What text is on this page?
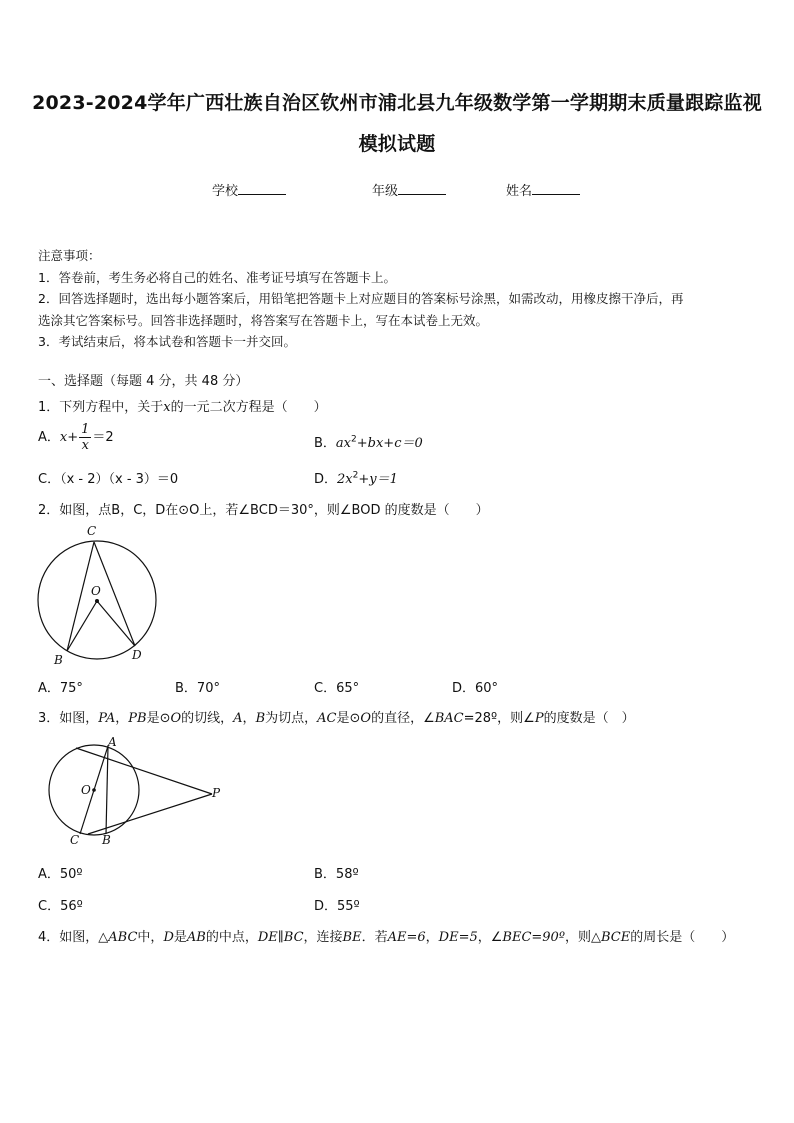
2023-2024学年广西壮族自治区钦州市浦北县九年级数学第一学期期末质量跟踪监视
模拟试题
学校	年级	姓名

注意事项：

1．答卷前，考生务必将自己的姓名、准考证号填写在答题卡上。

2．回答选择题时，选出每小题答案后，用铅笔把答题卡上对应题目的答案标号涂黑，如需改动，用橡皮擦干净后，再

选涂其它答案标号。回答非选择题时，将答案写在答题卡上，写在本试卷上无效。

3．考试结束后，将本试卷和答题卡一并交回。

一、选择题（每题 4 分，共 48 分）
1．下列方程中，关于x的一元二次方程是（　　）
A．$x+ \frac{1}{x} =2$	B．$ax^2+bx+c=0$
C．（x - 2）（x - 3）＝0	D．$2x^2+y=1$
2．如图，点B，C，D在⊙O上，若∠BCD＝30°，则∠BOD 的度数是（　　）
C
O
B	D
A．75°	B．70°	C．65°	D．60°
3．如图，PA，PB是⊙O的切线，A，B为切点，AC是⊙O的直径，∠BAC=28º，则∠P的度数是（　）
A
O	P
C B
A．50º	B．58º
C．56º	D．55º
4．如图，△ABC中，D是AB的中点，DE∥BC，连接BE．若AE=6，DE=5，∠BEC=90º，则△BCE的周长是（　　）
